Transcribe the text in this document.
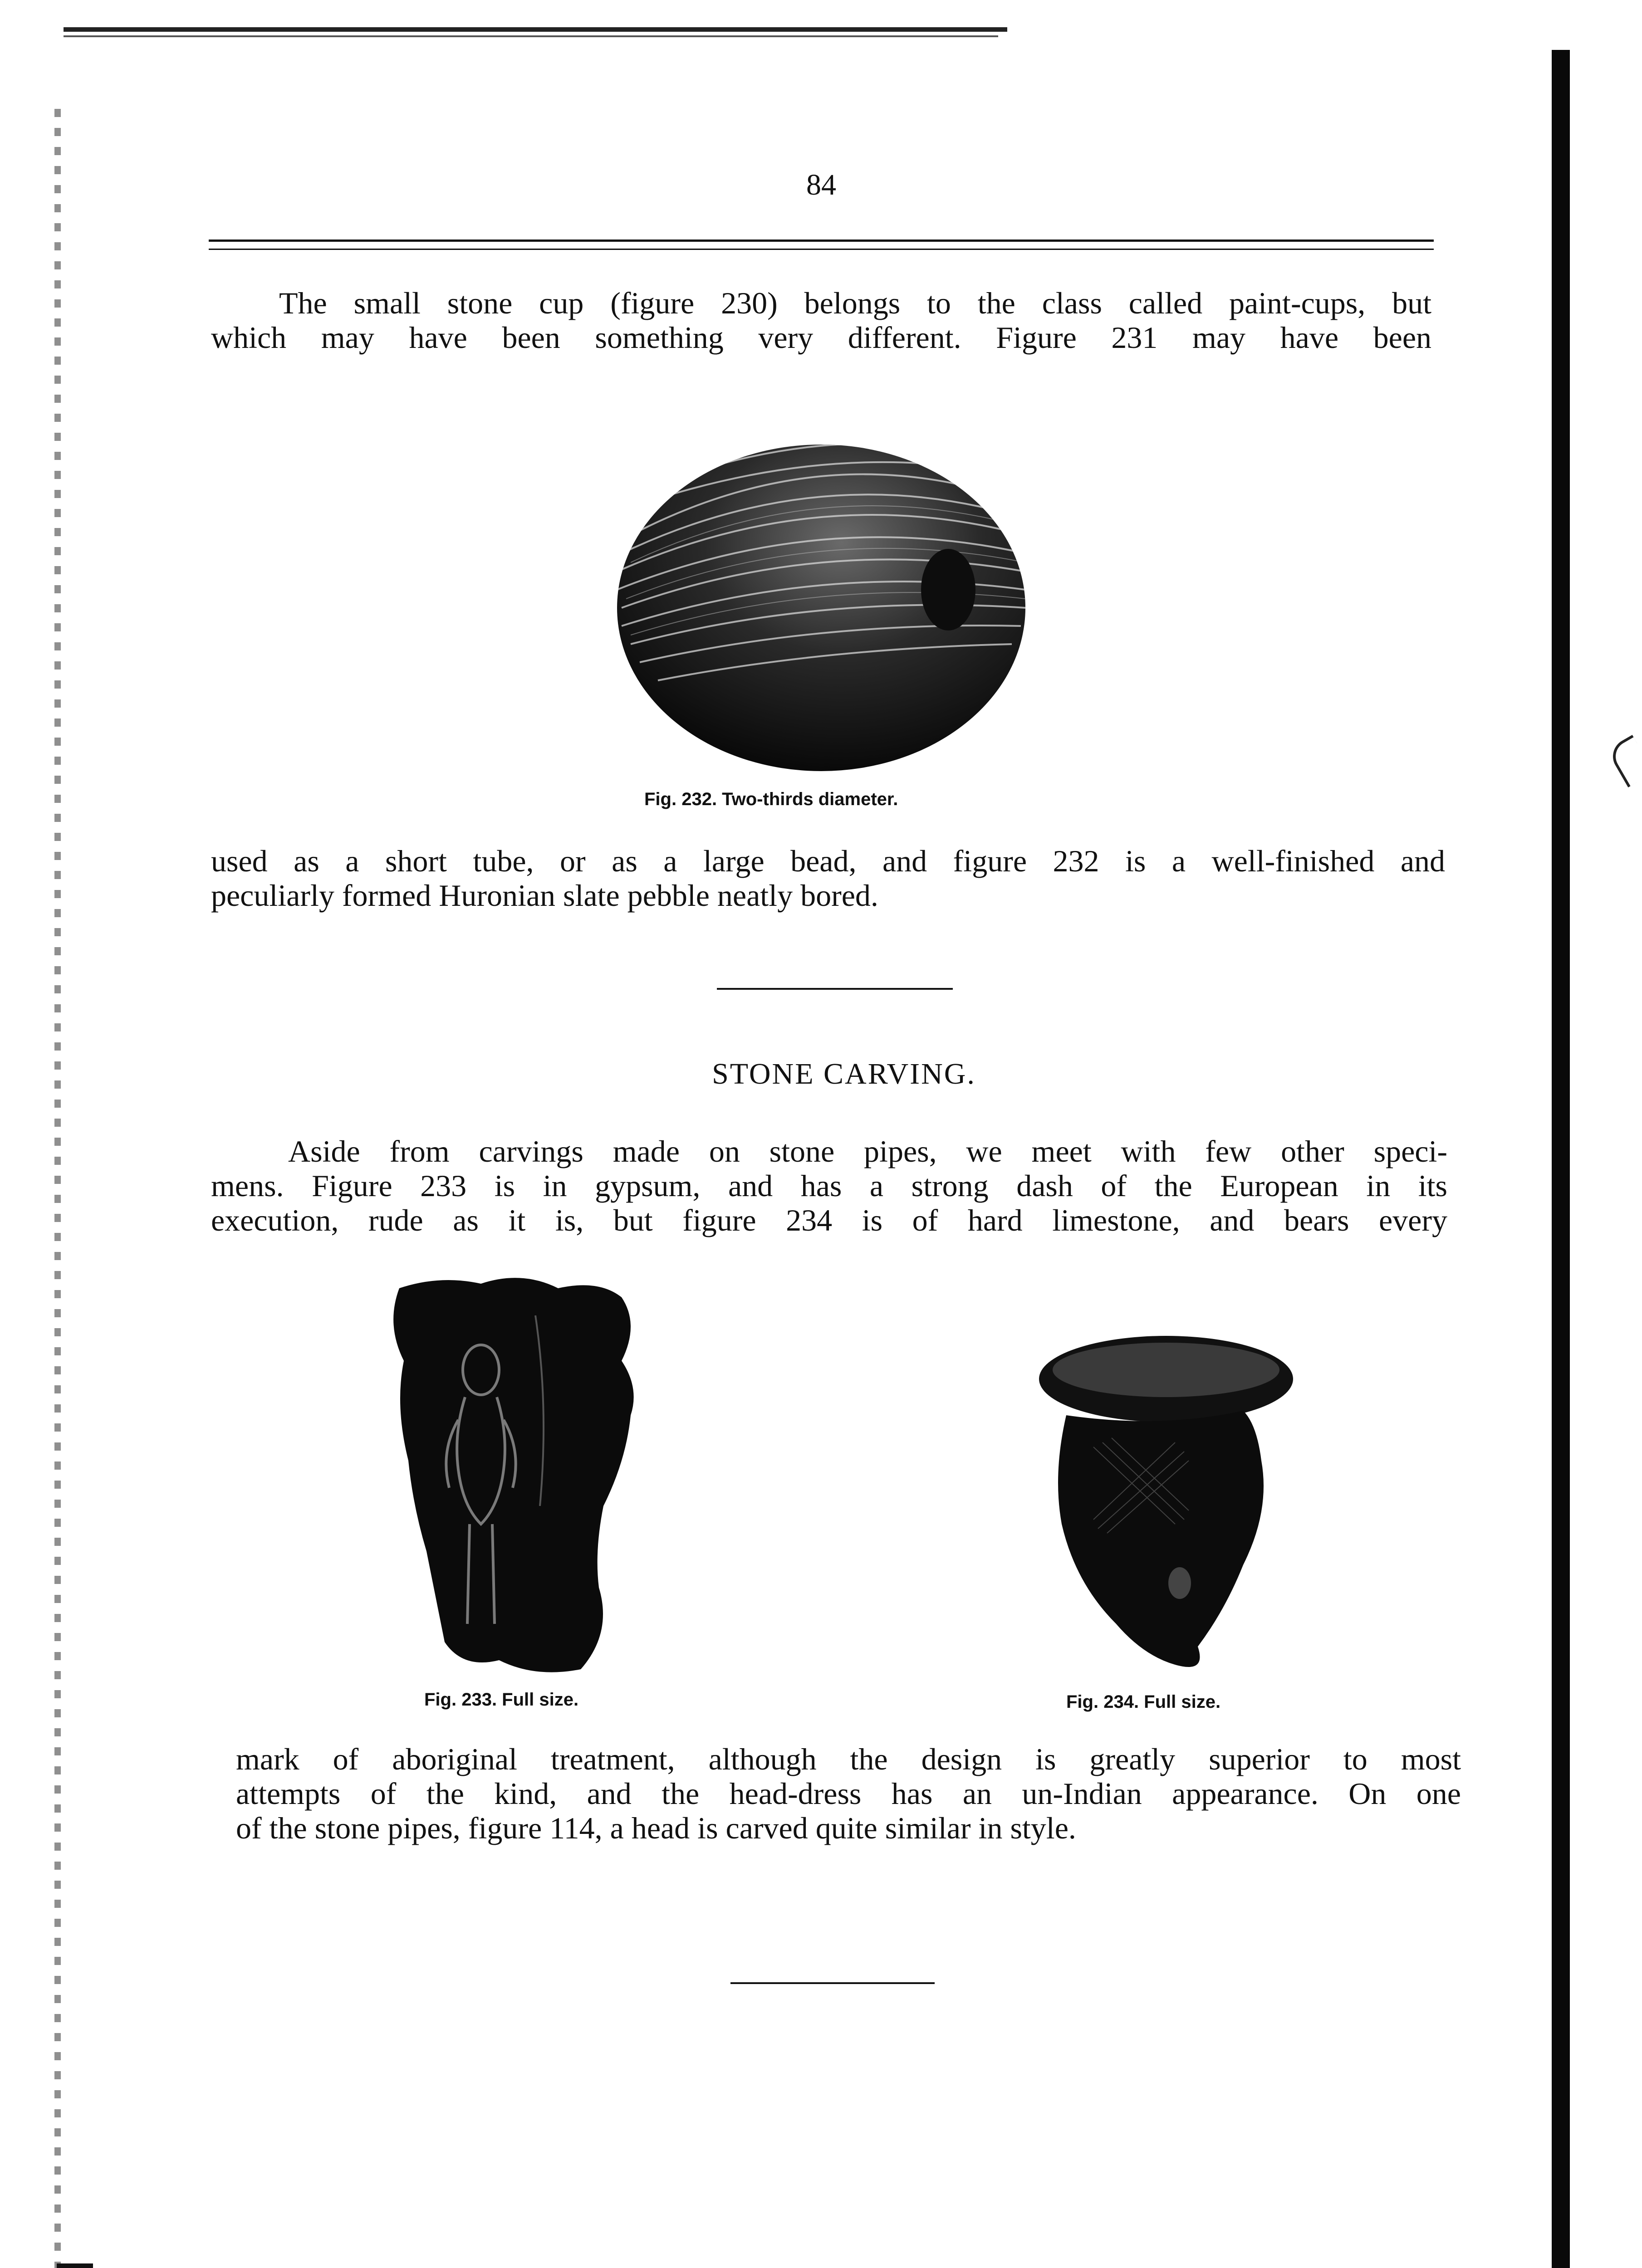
84

The small stone cup (figure 230) belongs to the class called paint-cups, but

which may have been something very different. Figure 231 may have been

Fig. 232. Two-thirds diameter.

used as a short tube, or as a large bead, and figure 232 is a well-finished and

peculiarly formed Huronian slate pebble neatly bored.

STONE CARVING.

Aside from carvings made on stone pipes, we meet with few other speci-

mens. Figure 233 is in gypsum, and has a strong dash of the European in its

execution, rude as it is, but figure 234 is of hard limestone, and bears every

Fig. 233. Full size.	Fig. 234. Full size.

mark of aboriginal treatment, although the design is greatly superior to most

attempts of the kind, and the head-dress has an un-Indian appearance. On one

of the stone pipes, figure 114, a head is carved quite similar in style.
